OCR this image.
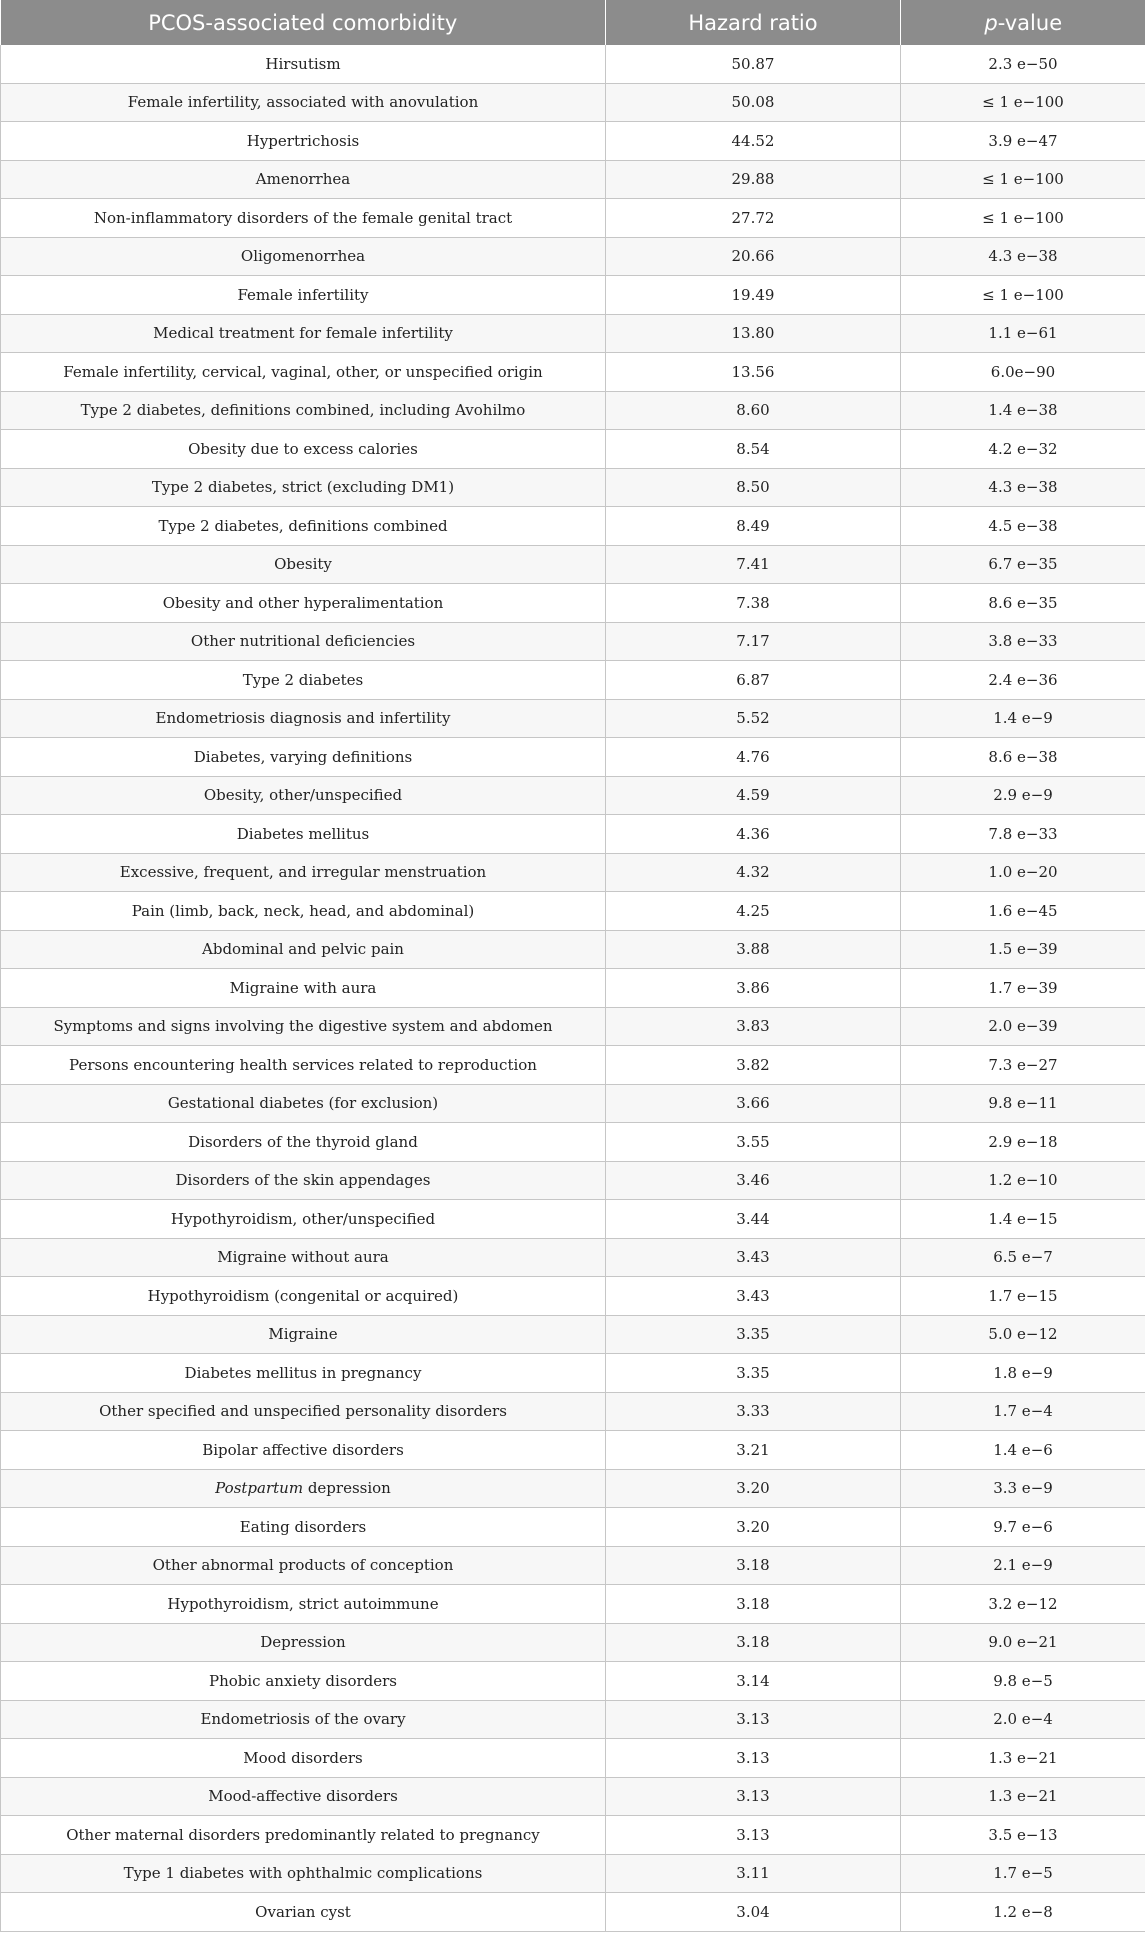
PCOS-associated comorbidity	Hazard ratio	p-value
Hirsutism	50.87	2.3 e−50
Female infertility, associated with anovulation	50.08	≤ 1 e−100
Hypertrichosis	44.52	3.9 e−47
Amenorrhea	29.88	≤ 1 e−100
Non-inflammatory disorders of the female genital tract	27.72	≤ 1 e−100
Oligomenorrhea	20.66	4.3 e−38
Female infertility	19.49	≤ 1 e−100
Medical treatment for female infertility	13.80	1.1 e−61
Female infertility, cervical, vaginal, other, or unspecified origin	13.56	6.0e−90
Type 2 diabetes, definitions combined, including Avohilmo	8.60	1.4 e−38
Obesity due to excess calories	8.54	4.2 e−32
Type 2 diabetes, strict (excluding DM1)	8.50	4.3 e−38
Type 2 diabetes, definitions combined	8.49	4.5 e−38
Obesity	7.41	6.7 e−35
Obesity and other hyperalimentation	7.38	8.6 e−35
Other nutritional deficiencies	7.17	3.8 e−33
Type 2 diabetes	6.87	2.4 e−36
Endometriosis diagnosis and infertility	5.52	1.4 e−9
Diabetes, varying definitions	4.76	8.6 e−38
Obesity, other/unspecified	4.59	2.9 e−9
Diabetes mellitus	4.36	7.8 e−33
Excessive, frequent, and irregular menstruation	4.32	1.0 e−20
Pain (limb, back, neck, head, and abdominal)	4.25	1.6 e−45
Abdominal and pelvic pain	3.88	1.5 e−39
Migraine with aura	3.86	1.7 e−39
Symptoms and signs involving the digestive system and abdomen	3.83	2.0 e−39
Persons encountering health services related to reproduction	3.82	7.3 e−27
Gestational diabetes (for exclusion)	3.66	9.8 e−11
Disorders of the thyroid gland	3.55	2.9 e−18
Disorders of the skin appendages	3.46	1.2 e−10
Hypothyroidism, other/unspecified	3.44	1.4 e−15
Migraine without aura	3.43	6.5 e−7
Hypothyroidism (congenital or acquired)	3.43	1.7 e−15
Migraine	3.35	5.0 e−12
Diabetes mellitus in pregnancy	3.35	1.8 e−9
Other specified and unspecified personality disorders	3.33	1.7 e−4
Bipolar affective disorders	3.21	1.4 e−6
Postpartum depression	3.20	3.3 e−9
Eating disorders	3.20	9.7 e−6
Other abnormal products of conception	3.18	2.1 e−9
Hypothyroidism, strict autoimmune	3.18	3.2 e−12
Depression	3.18	9.0 e−21
Phobic anxiety disorders	3.14	9.8 e−5
Endometriosis of the ovary	3.13	2.0 e−4
Mood disorders	3.13	1.3 e−21
Mood-affective disorders	3.13	1.3 e−21
Other maternal disorders predominantly related to pregnancy	3.13	3.5 e−13
Type 1 diabetes with ophthalmic complications	3.11	1.7 e−5
Ovarian cyst	3.04	1.2 e−8
